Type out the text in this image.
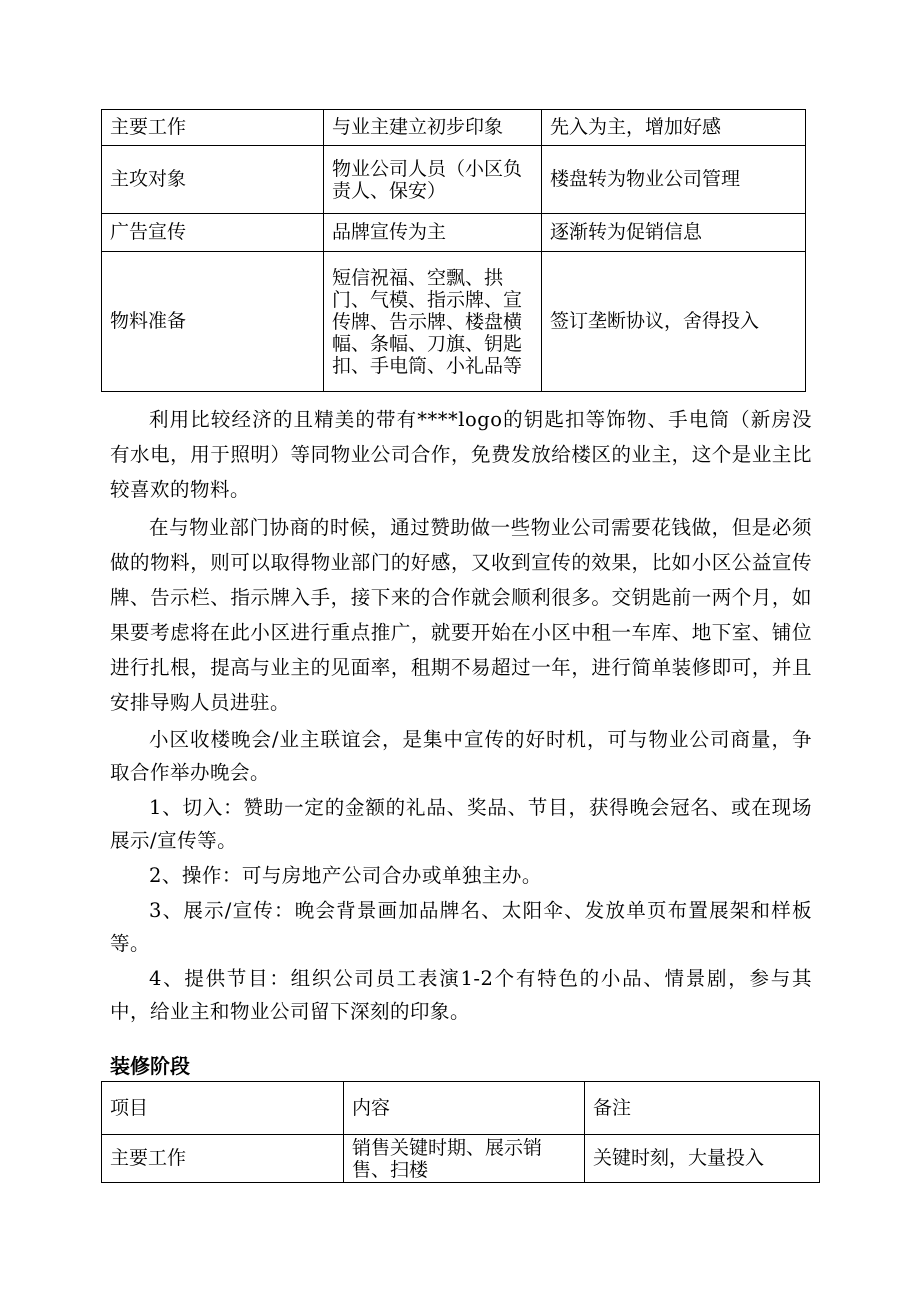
主要工作	与业主建立初步印象	先入为主，增加好感
主攻对象	物业公司人员（小区负责人、保安）	楼盘转为物业公司管理
广告宣传	品牌宣传为主	逐渐转为促销信息
物料准备	短信祝福、空飘、拱门、气模、指示牌、宣传牌、告示牌、楼盘横幅、条幅、刀旗、钥匙扣、手电筒、小礼品等	签订垄断协议，舍得投入

利用比较经济的且精美的带有****logo的钥匙扣等饰物、手电筒（新房没有水电，用于照明）等同物业公司合作，免费发放给楼区的业主，这个是业主比较喜欢的物料。

在与物业部门协商的时候，通过赞助做一些物业公司需要花钱做，但是必须做的物料，则可以取得物业部门的好感，又收到宣传的效果，比如小区公益宣传牌、告示栏、指示牌入手，接下来的合作就会顺利很多。交钥匙前一两个月，如果要考虑将在此小区进行重点推广，就要开始在小区中租一车库、地下室、铺位进行扎根，提高与业主的见面率，租期不易超过一年，进行简单装修即可，并且安排导购人员进驻。

小区收楼晚会/业主联谊会，是集中宣传的好时机，可与物业公司商量，争取合作举办晚会。

1、切入：赞助一定的金额的礼品、奖品、节目，获得晚会冠名、或在现场展示/宣传等。

2、操作：可与房地产公司合办或单独主办。

3、展示/宣传：晚会背景画加品牌名、太阳伞、发放单页布置展架和样板等。

4、提供节目：组织公司员工表演1-2个有特色的小品、情景剧，参与其中，给业主和物业公司留下深刻的印象。

装修阶段
项目	内容	备注
主要工作	销售关键时期、展示销售、扫楼	关键时刻，大量投入
